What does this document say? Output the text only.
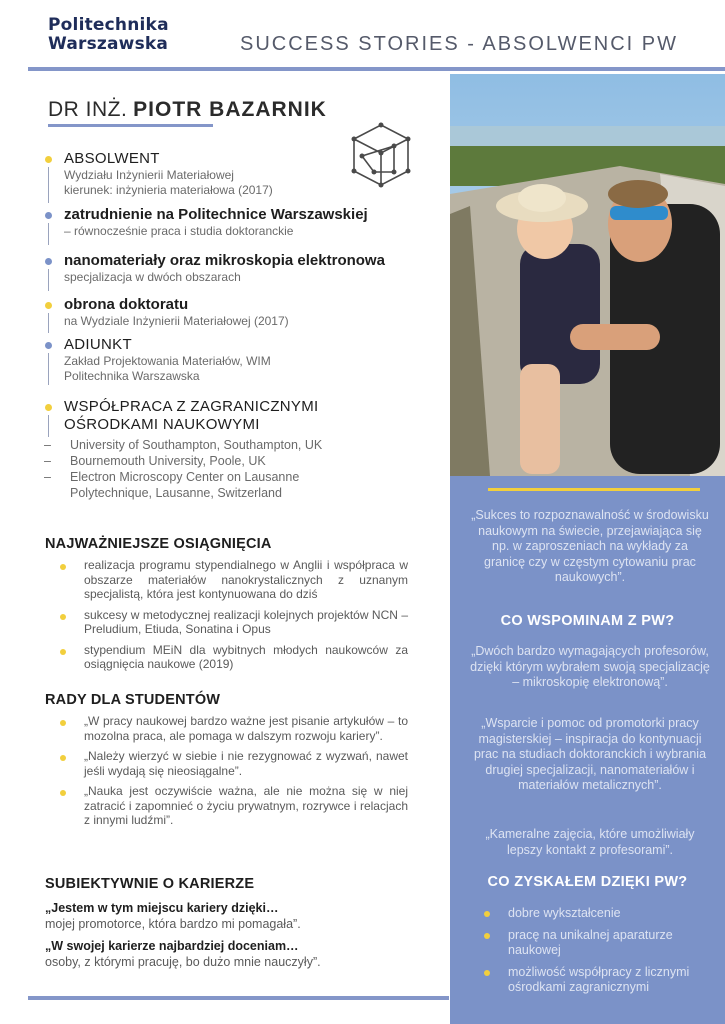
Politechnika
Warszawska	SUCCESS STORIES - ABSOLWENCI PW
DR INŻ. PIOTR BAZARNIK
ABSOLWENT
Wydziału Inżynierii Materiałowej
kierunek: inżynieria materiałowa (2017)
zatrudnienie na Politechnice Warszawskiej
– równocześnie praca i studia doktoranckie
nanomateriały oraz mikroskopia elektronowa
specjalizacja w dwóch obszarach
obrona doktoratu
na Wydziale Inżynierii Materiałowej (2017)
ADIUNKT
Zakład Projektowania Materiałów, WIM
Politechnika Warszawska
WSPÓŁPRACA Z ZAGRANICZNYMI OŚRODKAMI NAUKOWYMI
– University of Southampton, Southampton, UK
– Bournemouth University, Poole, UK
– Electron Microscopy Center on Lausanne Polytechnique, Lausanne, Switzerland
NAJWAŻNIEJSZE OSIĄGNIĘCIA
realizacja programu stypendialnego w Anglii i współpraca w obszarze materiałów nanokrystalicznych z uznanym specjalistą, która jest kontynuowana do dziś
sukcesy w metodycznej realizacji kolejnych projektów NCN – Preludium, Etiuda, Sonatina i Opus
stypendium MEiN dla wybitnych młodych naukowców za osiągnięcia naukowe (2019)
RADY DLA STUDENTÓW
„W pracy naukowej bardzo ważne jest pisanie artykułów – to mozolna praca, ale pomaga w dalszym rozwoju kariery”.
„Należy wierzyć w siebie i nie rezygnować z wyzwań, nawet jeśli wydają się nieosiągalne”.
„Nauka jest oczywiście ważna, ale nie można się w niej zatracić i zapomnieć o życiu prywatnym, rozrywce i relacjach z innymi ludźmi”.
SUBIEKTYWNIE O KARIERZE
„Jestem w tym miejscu kariery dzięki…
mojej promotorce, która bardzo mi pomagała”.
„W swojej karierze najbardziej doceniam…
osoby, z którymi pracuję, bo dużo mnie nauczyły”.
„Sukces to rozpoznawalność w środowisku naukowym na świecie, przejawiająca się np. w zaproszeniach na wykłady za granicę czy w częstym cytowaniu prac naukowych”.
CO WSPOMINAM Z PW?
„Dwóch bardzo wymagających profesorów, dzięki którym wybrałem swoją specjalizację – mikroskopię elektronową”.
„Wsparcie i pomoc od promotorki pracy magisterskiej – inspiracja do kontynuacji prac na studiach doktoranckich i wybrania drugiej specjalizacji, nanomateriałów i materiałów metalicznych”.
„Kameralne zajęcia, które umożliwiały lepszy kontakt z profesorami”.
CO ZYSKAŁEM DZIĘKI PW?
dobre wykształcenie
pracę na unikalnej aparaturze naukowej
możliwość współpracy z licznymi ośrodkami zagranicznymi
